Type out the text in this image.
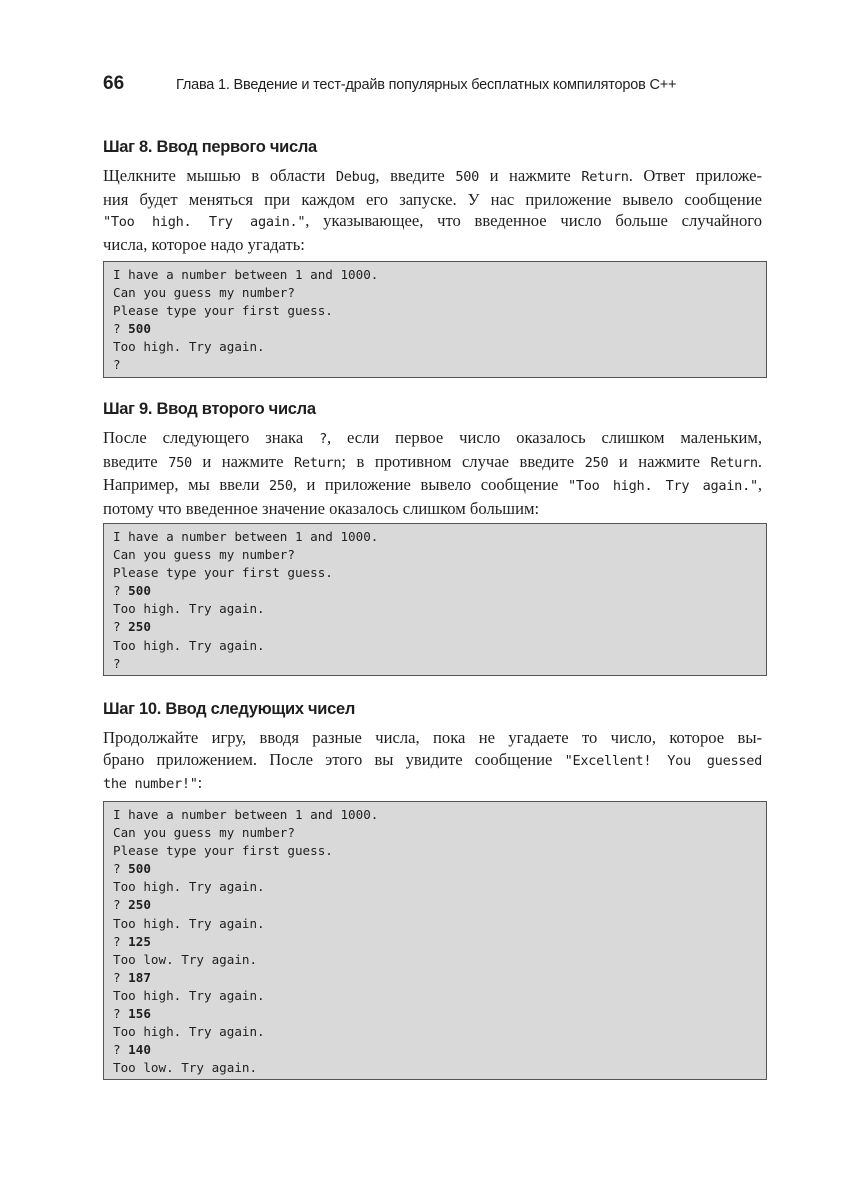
66	Глава 1. Введение и тест-драйв популярных бесплатных компиляторов С++
Шаг 8. Ввод первого числа
Щелкните мышью в области Debug, введите 500 и нажмите Return. Ответ приложе-
ния будет меняться при каждом его запуске. У нас приложение вывело сообщение
"Too high. Try again.", указывающее, что введенное число больше случайного
числа, которое надо угадать:
I have a number between 1 and 1000.
Can you guess my number?
Please type your first guess.
? 500
Too high. Try again.
?
Шаг 9. Ввод второго числа
После следующего знака ?, если первое число оказалось слишком маленьким,
введите 750 и нажмите Return; в противном случае введите 250 и нажмите Return.
Например, мы ввели 250, и приложение вывело сообщение "Too high. Try again.",
потому что введенное значение оказалось слишком большим:
I have a number between 1 and 1000.
Can you guess my number?
Please type your first guess.
? 500
Too high. Try again.
? 250
Too high. Try again.
?
Шаг 10. Ввод следующих чисел
Продолжайте игру, вводя разные числа, пока не угадаете то число, которое вы-
брано приложением. После этого вы увидите сообщение "Excellent! You guessed
the number!":
I have a number between 1 and 1000.
Can you guess my number?
Please type your first guess.
? 500
Too high. Try again.
? 250
Too high. Try again.
? 125
Too low. Try again.
? 187
Too high. Try again.
? 156
Too high. Try again.
? 140
Too low. Try again.
